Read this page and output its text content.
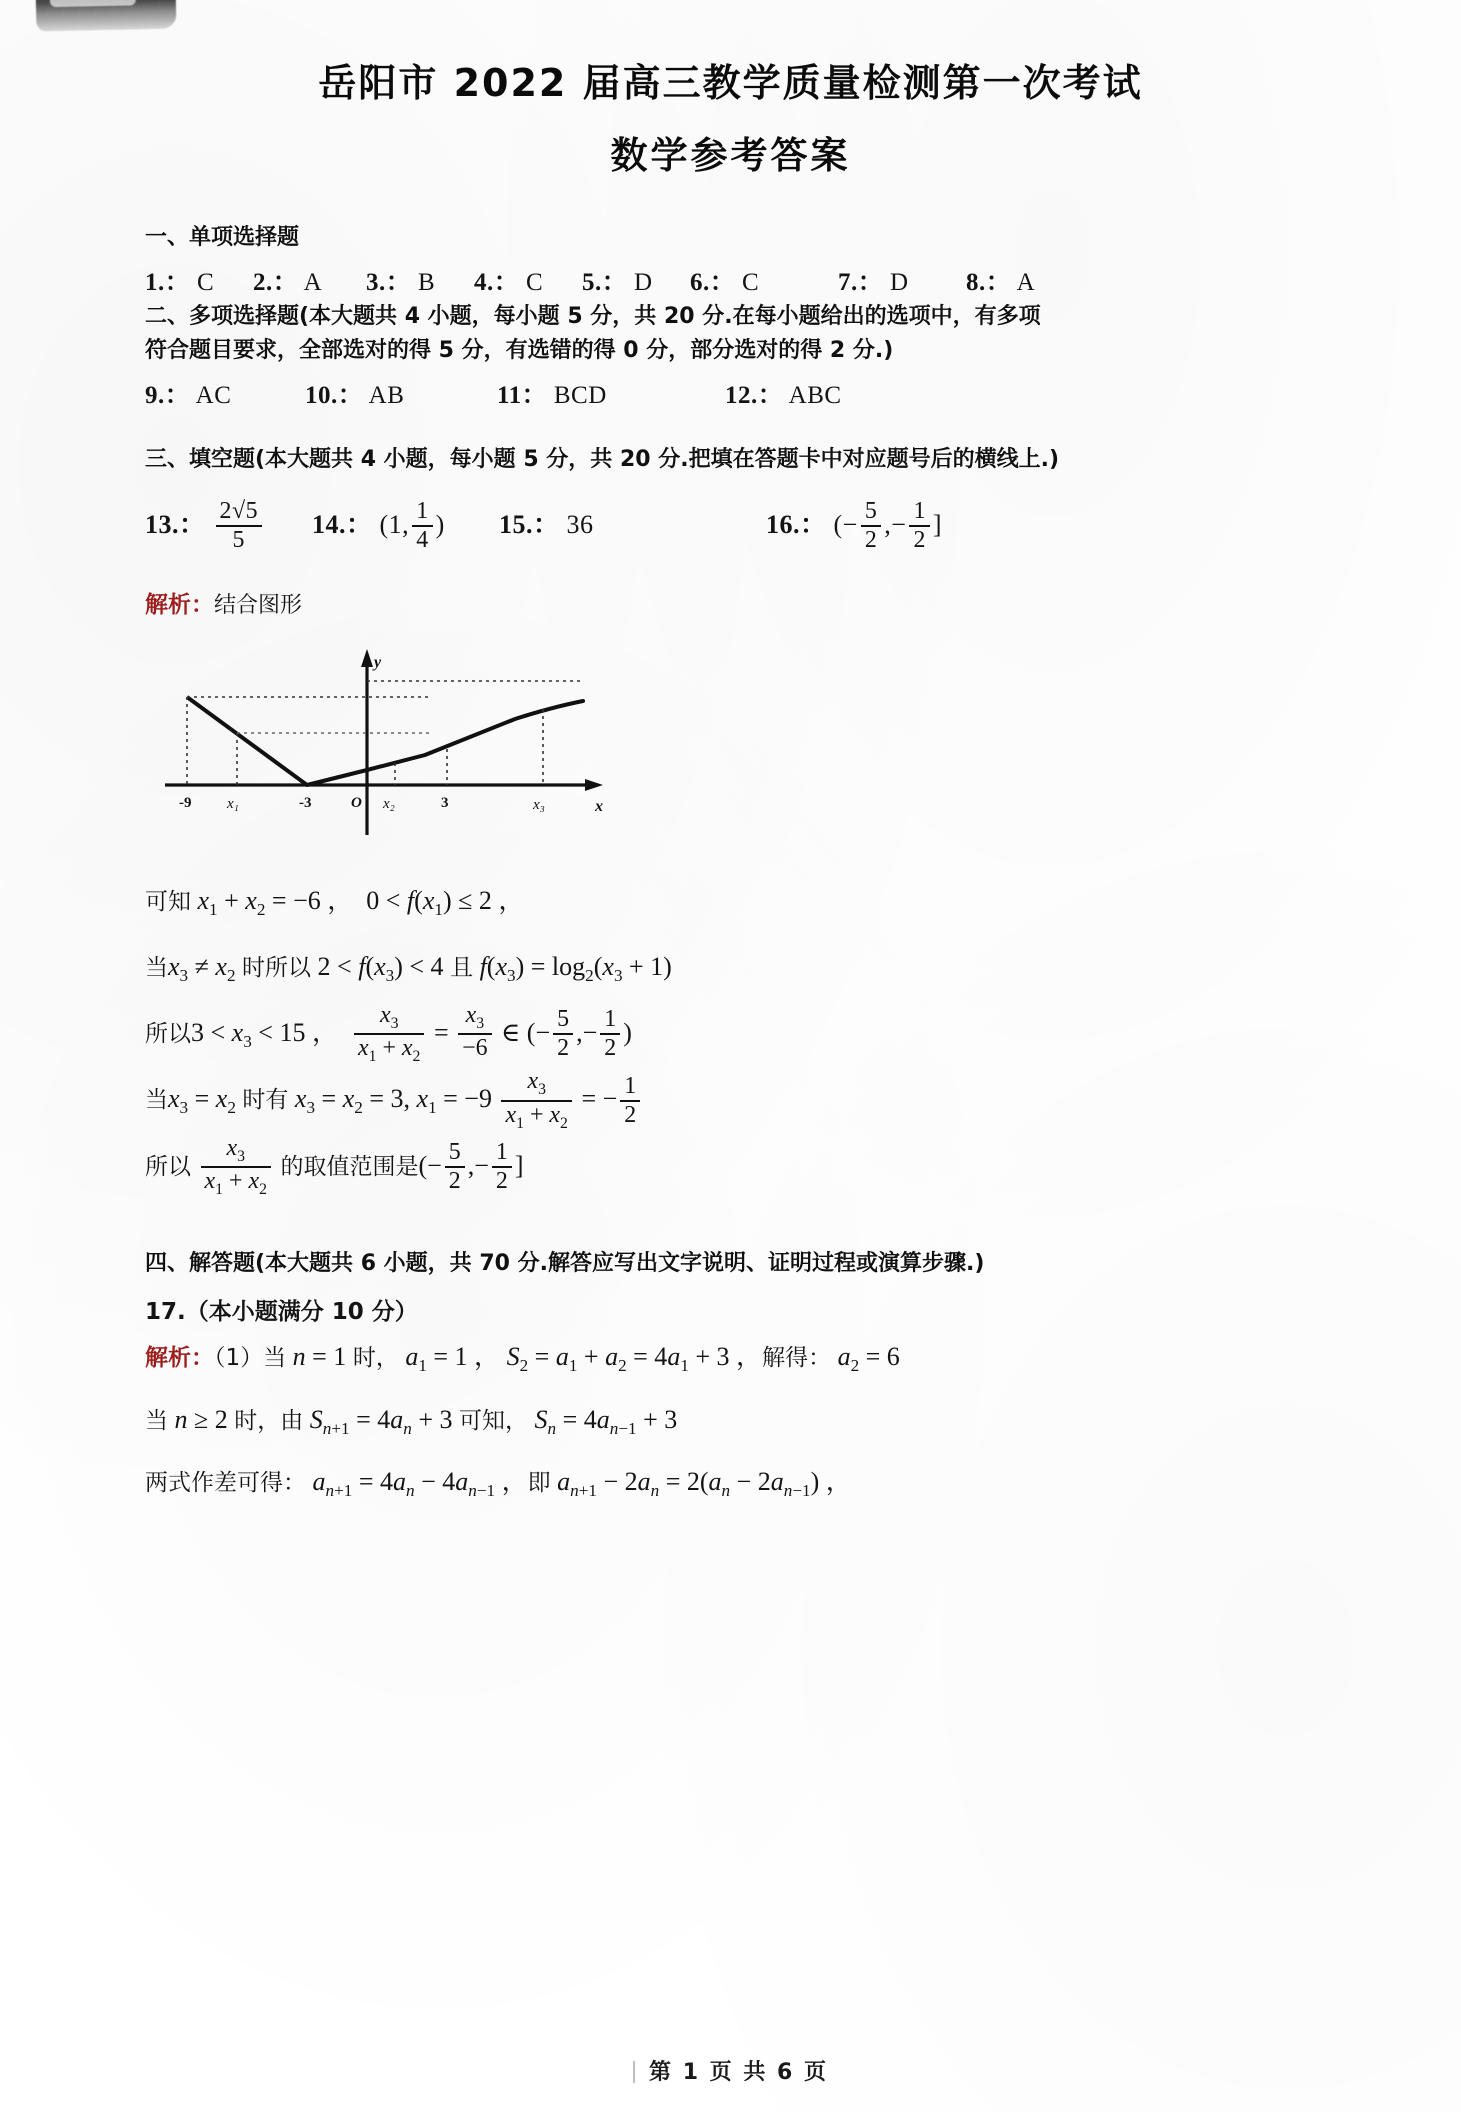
岳阳市 2022 届高三教学质量检测第一次考试
数学参考答案

一、单项选择题

1.： C 2.： A 3.： B 4.： C 5.： D 6.： C	7.： D 8.： A

二、多项选择题(本大题共 4 小题，每小题 5 分，共 20 分.在每小题给出的选项中，有多项

符合题目要求，全部选对的得 5 分，有选错的得 0 分，部分选对的得 2 分.)

9.： AC	10.： AB	11： BCD	12.： ABC

三、填空题(本大题共 4 小题，每小题 5 分，共 20 分.把填在答题卡中对应题号后的横线上.)

13.： $\frac{2√5}{5} 14$.： (1, $\frac{1}{4}$ ) 15.： 36	16.： (− $\frac{5}{2}$ ,− $\frac{1}{2}$ ]

解析：结合图形

-9 x₁	-3	O x₂	3	x₃	x
y

可知 $x_1 + x_2 = -6$ ，  $0 < f(x_1) \le 2$ ，

当$x_3 \ne x_2$ 时所以 $2 < f(x_3) < 4$ 且 $f(x_3) = \log_2(x_3 + 1)$

所以$3 < x_3 < 15$ ， $\frac{x_3}{x_1 + x_2} = \frac{x_3}{-6}$ ∈ (− $\frac{5}{2}$ ,− $\frac{1}{2}$ )

当$x_3 = x_2$ 时有 $x_3 = x_2 = 3$, $x_1 = -9 \frac{x_3}{x_1 + x_2}$ = − $\frac{1}{2}$

所以 $\frac{x_3}{x_1 + x_2}$ 的取值范围是(− $\frac{5}{2}$ ,− $\frac{1}{2}$ ]

四、解答题(本大题共 6 小题，共 70 分.解答应写出文字说明、证明过程或演算步骤.)

17.（本小题满分 10 分）

解析：（1）当 n = 1 时， $a_1 = 1$ ， $S_2 = a_1 + a_2 = 4a_1 + 3$ ，解得： $a_2 = 6$

当 n ≥ 2 时，由 $S_{n+1} = 4a_n + 3$ 可知， $S_n = 4a_{n-1} + 3$

两式作差可得： $a_{n+1} = 4a_n - 4a_{n-1}$ ，即 $a_{n+1} - 2a_n = 2(a_n - 2a_{n-1})$ ，

第 1 页 共 6 页
